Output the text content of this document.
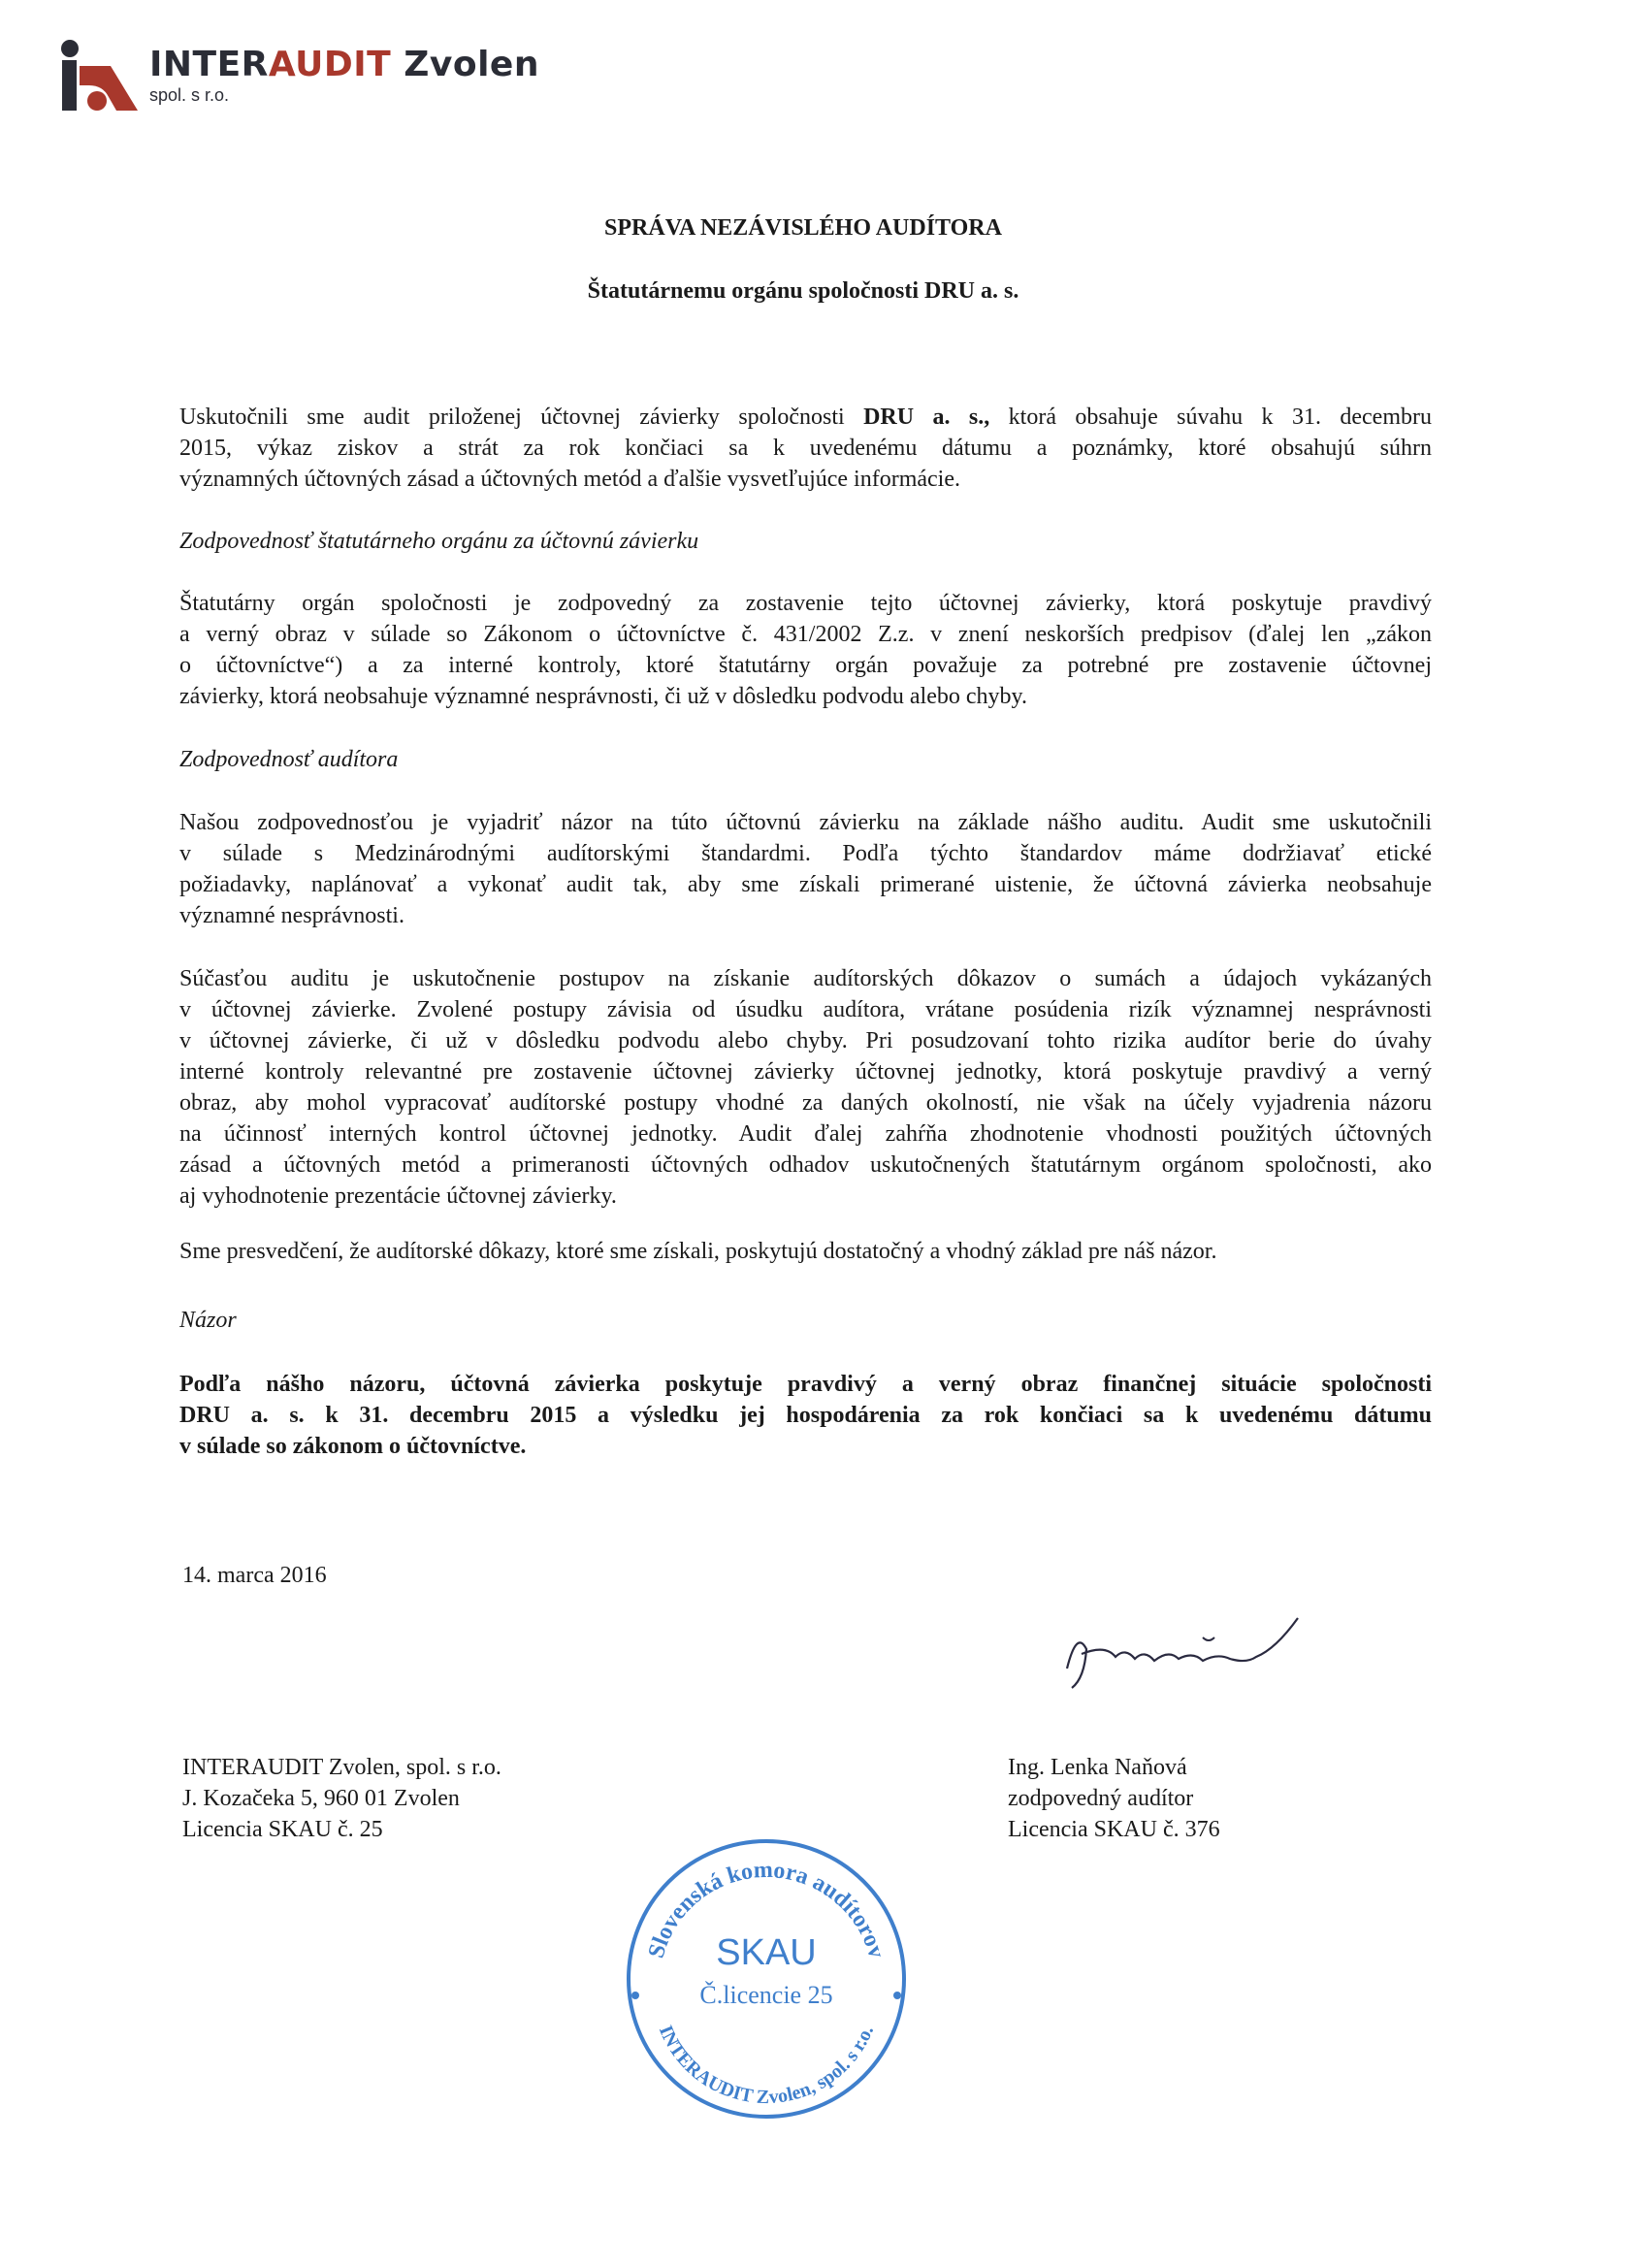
INTERAUDIT Zvolen
spol. s r.o.
SPRÁVA NEZÁVISLÉHO AUDÍTORA
Štatutárnemu orgánu spoločnosti DRU a. s.
Uskutočnili sme audit priloženej účtovnej závierky spoločnosti DRU a. s., ktorá obsahuje súvahu k 31. decembru
2015, výkaz ziskov a strát za rok končiaci sa k uvedenému dátumu a poznámky, ktoré obsahujú súhrn
významných účtovných zásad a účtovných metód a ďalšie vysvetľujúce informácie.
Zodpovednosť štatutárneho orgánu za účtovnú závierku
Štatutárny orgán spoločnosti je zodpovedný za zostavenie tejto účtovnej závierky, ktorá poskytuje pravdivý
a verný obraz v súlade so Zákonom o účtovníctve č. 431/2002 Z.z. v znení neskorších predpisov (ďalej len „zákon
o účtovníctve“) a za interné kontroly, ktoré štatutárny orgán považuje za potrebné pre zostavenie účtovnej
závierky, ktorá neobsahuje významné nesprávnosti, či už v dôsledku podvodu alebo chyby.
Zodpovednosť audítora
Našou zodpovednosťou je vyjadriť názor na túto účtovnú závierku na základe nášho auditu. Audit sme uskutočnili
v súlade s Medzinárodnými audítorskými štandardmi. Podľa týchto štandardov máme dodržiavať etické
požiadavky, naplánovať a vykonať audit tak, aby sme získali primerané uistenie, že účtovná závierka neobsahuje
významné nesprávnosti.
Súčasťou auditu je uskutočnenie postupov na získanie audítorských dôkazov o sumách a údajoch vykázaných
v účtovnej závierke. Zvolené postupy závisia od úsudku audítora, vrátane posúdenia rizík významnej nesprávnosti
v účtovnej závierke, či už v dôsledku podvodu alebo chyby. Pri posudzovaní tohto rizika audítor berie do úvahy
interné kontroly relevantné pre zostavenie účtovnej závierky účtovnej jednotky, ktorá poskytuje pravdivý a verný
obraz, aby mohol vypracovať audítorské postupy vhodné za daných okolností, nie však na účely vyjadrenia názoru
na účinnosť interných kontrol účtovnej jednotky. Audit ďalej zahŕňa zhodnotenie vhodnosti použitých účtovných
zásad a účtovných metód a primeranosti účtovných odhadov uskutočnených štatutárnym orgánom spoločnosti, ako
aj vyhodnotenie prezentácie účtovnej závierky.
Sme presvedčení, že audítorské dôkazy, ktoré sme získali, poskytujú dostatočný a vhodný základ pre náš názor.
Názor
Podľa nášho názoru, účtovná závierka poskytuje pravdivý a verný obraz finančnej situácie spoločnosti
DRU a. s. k 31. decembru 2015 a výsledku jej hospodárenia za rok končiaci sa k uvedenému dátumu
v súlade so zákonom o účtovníctve.
14. marca 2016
INTERAUDIT Zvolen, spol. s r.o.
J. Kozačeka 5, 960 01 Zvolen
Licencia SKAU č. 25
Ing. Lenka Naňová
zodpovedný audítor
Licencia SKAU č. 376
Slovenská komora audítorov
INTERAUDIT Zvolen, spol. s r.o.
SKAU
Č.licencie 25
